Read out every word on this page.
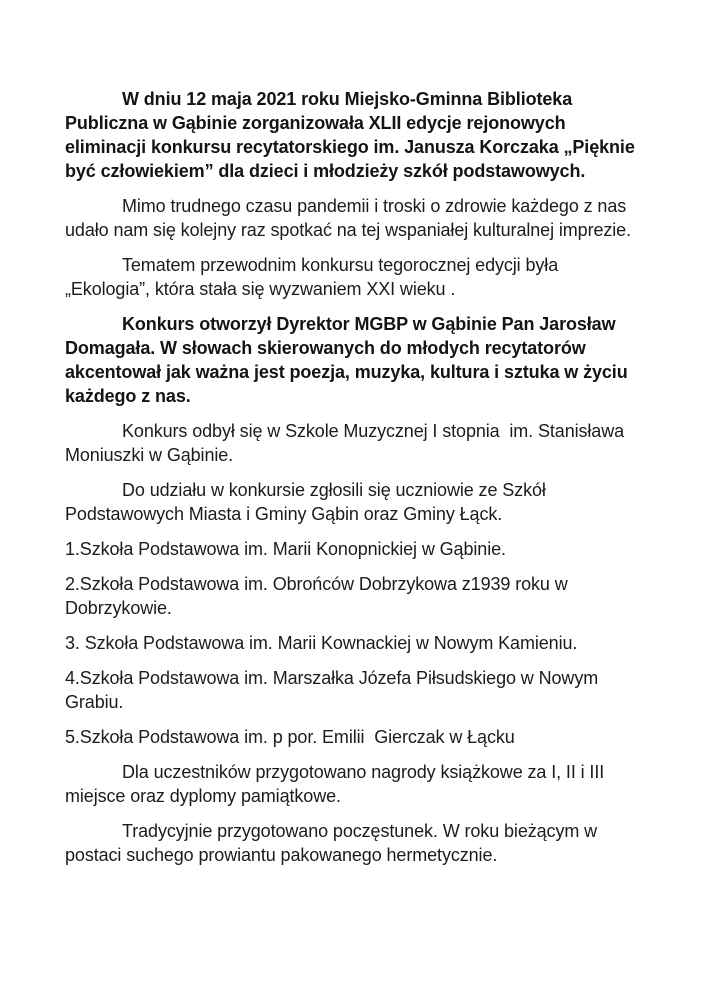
W dniu 12 maja 2021 roku Miejsko-Gminna Biblioteka Publiczna w Gąbinie zorganizowała XLII edycje rejonowych eliminacji konkursu recytatorskiego im. Janusza Korczaka „Pięknie być człowiekiem” dla dzieci i młodzieży szkół podstawowych.

Mimo trudnego czasu pandemii i troski o zdrowie każdego z nas udało nam się kolejny raz spotkać na tej wspaniałej kulturalnej imprezie.

Tematem przewodnim konkursu tegorocznej edycji była „Ekologia”, która stała się wyzwaniem XXI wieku .

Konkurs otworzył Dyrektor MGBP w Gąbinie Pan Jarosław Domagała. W słowach skierowanych do młodych recytatorów akcentował jak ważna jest poezja, muzyka, kultura i sztuka w życiu każdego z nas.

Konkurs odbył się w Szkole Muzycznej I stopnia  im. Stanisława Moniuszki w Gąbinie.

Do udziału w konkursie zgłosili się uczniowie ze Szkół Podstawowych Miasta i Gminy Gąbin oraz Gminy Łąck.

1.Szkoła Podstawowa im. Marii Konopnickiej w Gąbinie.

2.Szkoła Podstawowa im. Obrońców Dobrzykowa z1939 roku w Dobrzykowie.

3. Szkoła Podstawowa im. Marii Kownackiej w Nowym Kamieniu.

4.Szkoła Podstawowa im. Marszałka Józefa Piłsudskiego w Nowym Grabiu.

5.Szkoła Podstawowa im. p por. Emilii  Gierczak w Łącku

Dla uczestników przygotowano nagrody książkowe za I, II i III miejsce oraz dyplomy pamiątkowe.

Tradycyjnie przygotowano poczęstunek. W roku bieżącym w postaci suchego prowiantu pakowanego hermetycznie.
